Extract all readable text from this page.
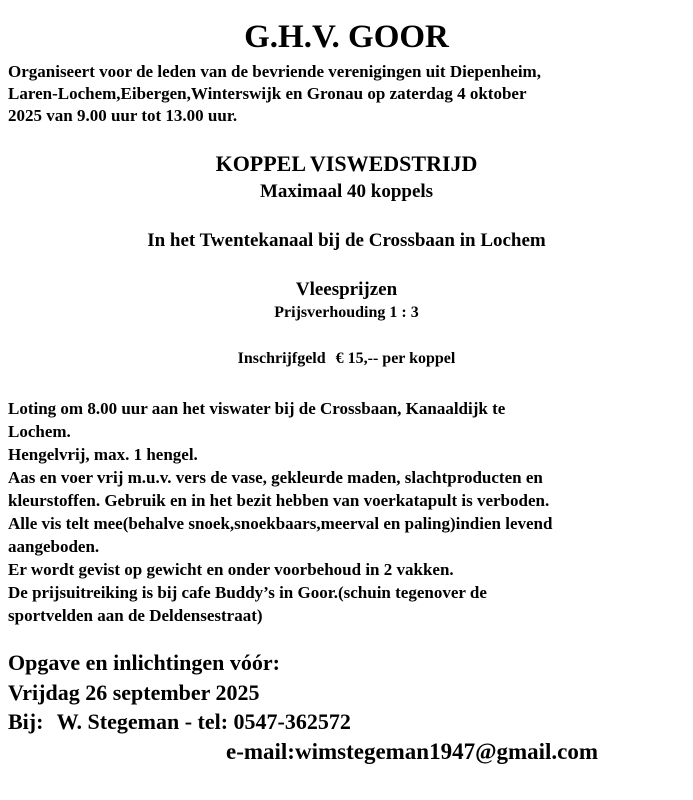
G.H.V. GOOR
Organiseert voor de leden van de bevriende verenigingen uit Diepenheim,
Laren-Lochem,Eibergen,Winterswijk en Gronau op zaterdag 4 oktober
2025 van 9.00 uur tot 13.00 uur.
KOPPEL VISWEDSTRIJD
Maximaal 40 koppels
In het Twentekanaal bij de Crossbaan in Lochem
Vleesprijzen
Prijsverhouding 1 : 3
Inschrijfgeld € 15,-- per koppel
Loting om 8.00 uur aan het viswater bij de Crossbaan, Kanaaldijk te
Lochem.
Hengelvrij, max. 1 hengel.
Aas en voer vrij m.u.v. vers de vase, gekleurde maden, slachtproducten en
kleurstoffen. Gebruik en in het bezit hebben van voerkatapult is verboden.
Alle vis telt mee(behalve snoek,snoekbaars,meerval en paling)indien levend
aangeboden.
Er wordt gevist op gewicht en onder voorbehoud in 2 vakken.
De prijsuitreiking is bij cafe Buddy’s in Goor.(schuin tegenover de
sportvelden aan de Deldensestraat)
Opgave en inlichtingen vóór:
Vrijdag 26 september 2025
Bij: W. Stegeman - tel: 0547-362572
e-mail:wimstegeman1947@gmail.com
